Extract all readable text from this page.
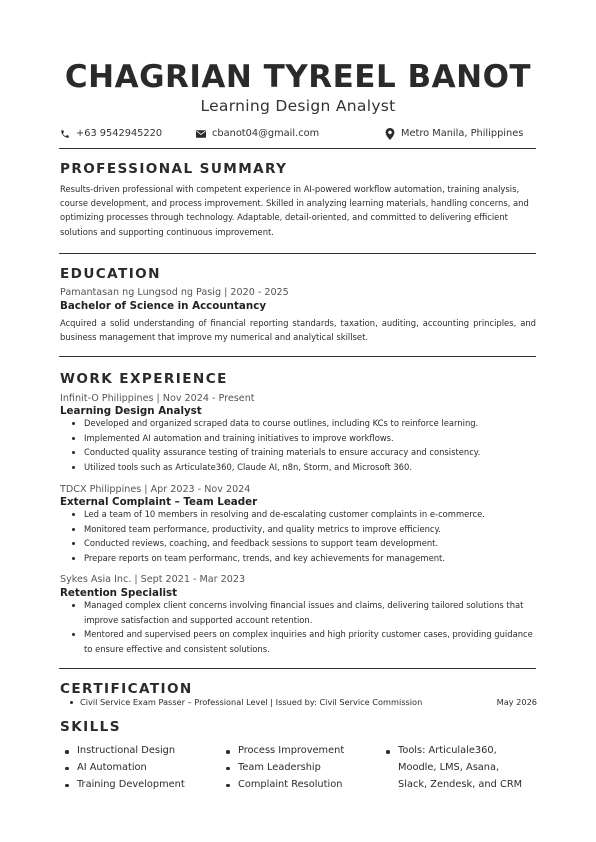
CHAGRIAN TYREEL BANOT
Learning Design Analyst
+63 9542945220	cbanot04@gmail.com	Metro Manila, Philippines
PROFESSIONAL SUMMARY
Results-driven professional with competent experience in AI-powered workflow automation, training analysis, course development, and process improvement. Skilled in analyzing learning materials, handling concerns, and optimizing processes through technology. Adaptable, detail-oriented, and committed to delivering efficient solutions and supporting continuous improvement.
EDUCATION
Pamantasan ng Lungsod ng Pasig | 2020 - 2025
Bachelor of Science in Accountancy
Acquired a solid understanding of financial reporting standards, taxation, auditing, accounting principles, and business management that improve my numerical and analytical skillset.
WORK EXPERIENCE
Infinit-O Philippines | Nov 2024 - Present
Learning Design Analyst
Developed and organized scraped data to course outlines, including KCs to reinforce learning.
Implemented AI automation and training initiatives to improve workflows.
Conducted quality assurance testing of training materials to ensure accuracy and consistency.
Utilized tools such as Articulate360, Claude AI, n8n, Storm, and Microsoft 360.
TDCX Philippines | Apr 2023 - Nov 2024
External Complaint – Team Leader
Led a team of 10 members in resolving and de-escalating customer complaints in e-commerce.
Monitored team performance, productivity, and quality metrics to improve efficiency.
Conducted reviews, coaching, and feedback sessions to support team development.
Prepare reports on team performanc, trends, and key achievements for management.
Sykes Asia Inc. | Sept 2021 - Mar 2023
Retention Specialist
Managed complex client concerns involving financial issues and claims, delivering tailored solutions that improve satisfaction and supported account retention.
Mentored and supervised peers on complex inquiries and high priority customer cases, providing guidance to ensure effective and consistent solutions.
CERTIFICATION
Civil Service Exam Passer – Professional Level | Issued by: Civil Service Commission	May 2026
SKILLS
Instructional Design
AI Automation
Training Development
Process Improvement
Team Leadership
Complaint Resolution
Tools: Articulale360,
Moodle, LMS, Asana,
Slack, Zendesk, and CRM
